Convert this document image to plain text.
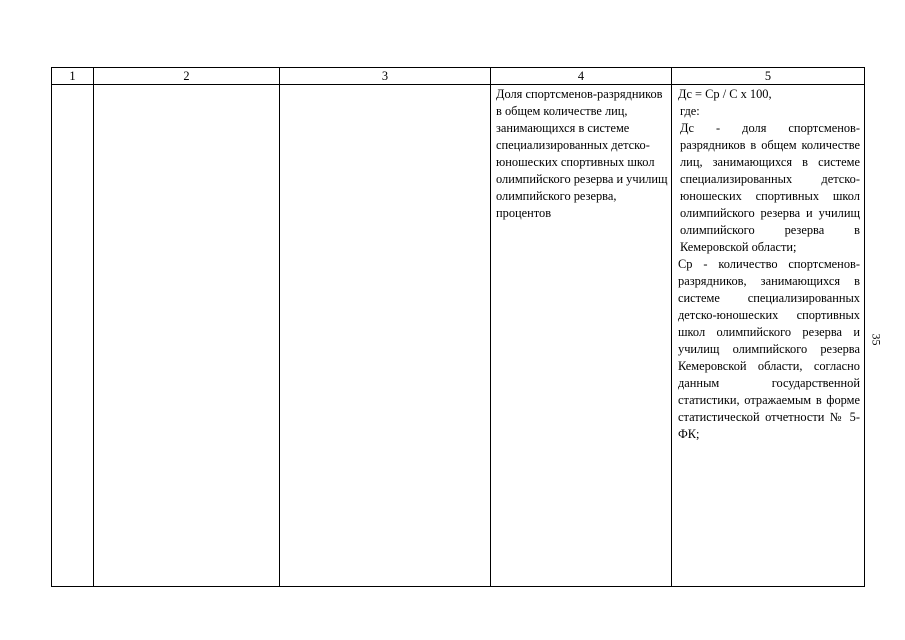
1	2	3	4	5
			Доля спортсменов-разрядников в общем количестве лиц, занимающихся в системе специализированных детско-юношеских спортивных школ олимпийского резерва и училищ олимпийского резерва, процентов	Дс = Ср / С x 100,
где:
Дс - доля спортсменов-разрядников в общем количестве лиц, занимающихся в системе специализированных детско-юношеских спортивных школ олимпийского резерва и училищ олимпийского резерва в Кемеровской области;
Ср - количество спортсменов-разрядников, занимающихся в системе специализированных детско-юношеских спортивных школ олимпийского резерва и училищ олимпийского резерва Кемеровской области, согласно данным государственной статистики, отражаемым в форме статистической отчетности № 5-ФК;
35
